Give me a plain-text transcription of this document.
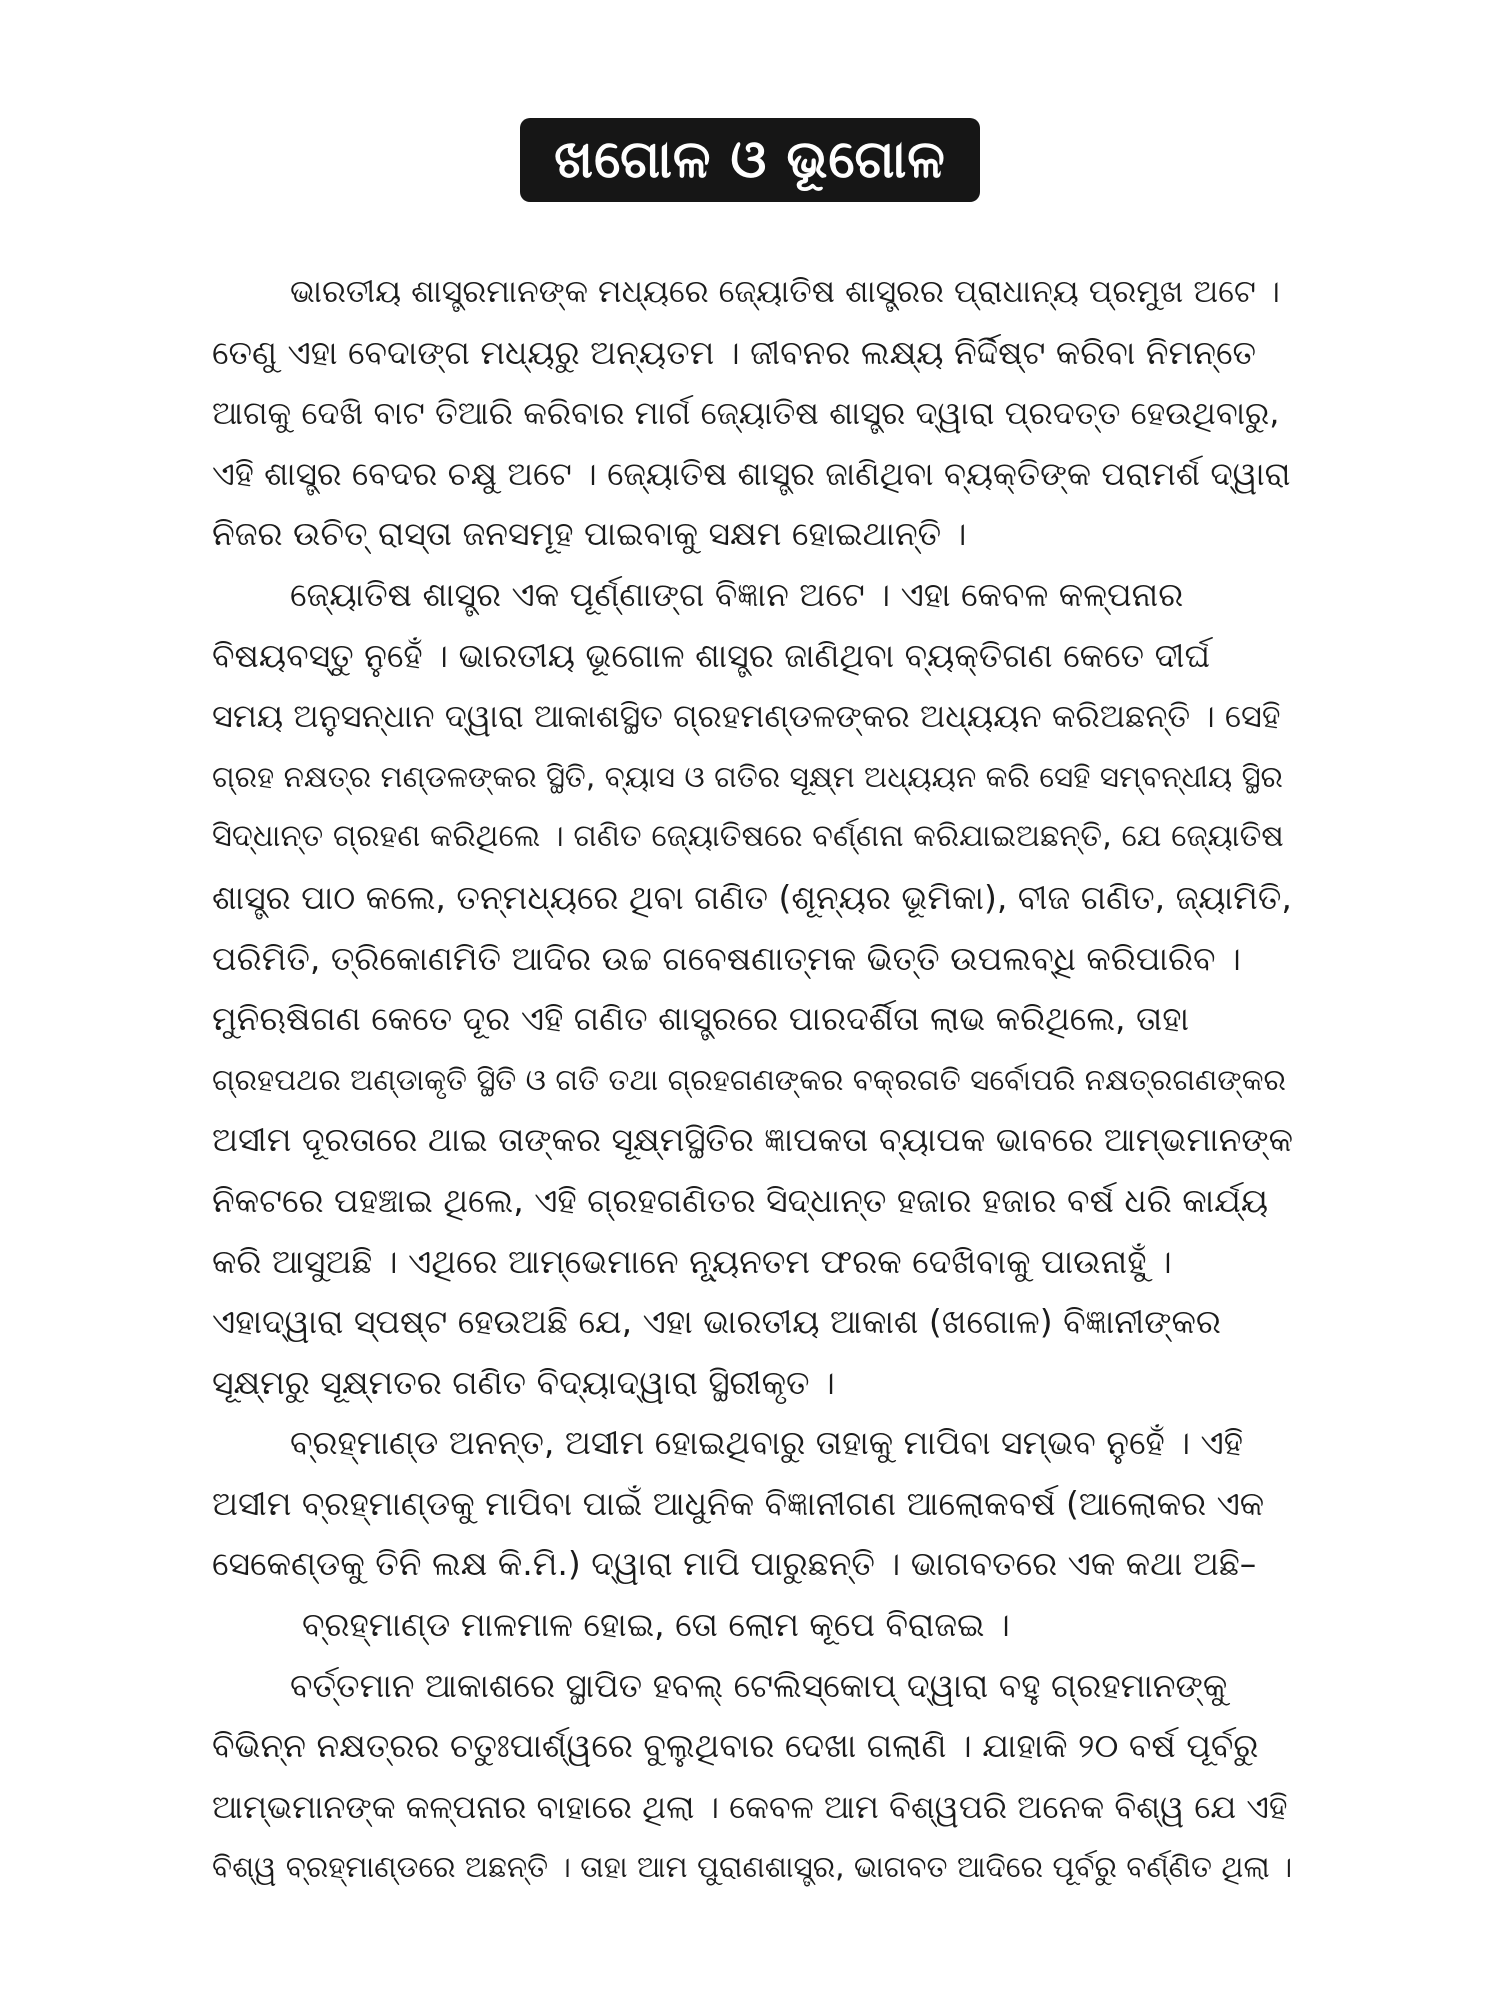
ଖଗୋଳ ଓ ଭୂଗୋଳ
ଭାରତୀୟ ଶାସ୍ତ୍ରମାନଙ୍କ ମଧ୍ୟରେ ଜ୍ୟୋତିଷ ଶାସ୍ତ୍ରର ପ୍ରାଧାନ୍ୟ ପ୍ରମୁଖ ଅଟେ ।
ତେଣୁ ଏହା ବେଦାଙ୍ଗ ମଧ୍ୟରୁ ଅନ୍ୟତମ । ଜୀବନର ଲକ୍ଷ୍ୟ ନିର୍ଦ୍ଦିଷ୍ଟ କରିବା ନିମନ୍ତେ
ଆଗକୁ ଦେଖି ବାଟ ତିଆରି କରିବାର ମାର୍ଗ ଜ୍ୟୋତିଷ ଶାସ୍ତ୍ର ଦ୍ୱାରା ପ୍ରଦତ୍ତ ହେଉଥିବାରୁ,
ଏହି ଶାସ୍ତ୍ର ବେଦର ଚକ୍ଷୁ ଅଟେ । ଜ୍ୟୋତିଷ ଶାସ୍ତ୍ର ଜାଣିଥିବା ବ୍ୟକ୍ତିଙ୍କ ପରାମର୍ଶ ଦ୍ୱାରା
ନିଜର ଉଚିତ୍ ରାସ୍ତା ଜନସମୂହ ପାଇବାକୁ ସକ୍ଷମ ହୋଇଥାନ୍ତି ।
ଜ୍ୟୋତିଷ ଶାସ୍ତ୍ର ଏକ ପୂର୍ଣ୍ଣାଙ୍ଗ ବିଜ୍ଞାନ ଅଟେ । ଏହା କେବଳ କଳ୍ପନାର
ବିଷୟବସ୍ତୁ ନୁହେଁ । ଭାରତୀୟ ଭୂଗୋଳ ଶାସ୍ତ୍ର ଜାଣିଥିବା ବ୍ୟକ୍ତିଗଣ କେତେ ଦୀର୍ଘ
ସମୟ ଅନୁସନ୍ଧାନ ଦ୍ୱାରା ଆକାଶସ୍ଥିତ ଗ୍ରହମଣ୍ଡଳଙ୍କର ଅଧ୍ୟୟନ କରିଅଛନ୍ତି । ସେହି
ଗ୍ରହ ନକ୍ଷତ୍ର ମଣ୍ଡଳଙ୍କର ସ୍ଥିତି, ବ୍ୟାସ ଓ ଗତିର ସୂକ୍ଷ୍ମ ଅଧ୍ୟୟନ କରି ସେହି ସମ୍ବନ୍ଧୀୟ ସ୍ଥିର
ସିଦ୍ଧାନ୍ତ ଗ୍ରହଣ କରିଥିଲେ । ଗଣିତ ଜ୍ୟୋତିଷରେ ବର୍ଣ୍ଣନା କରିଯାଇଅଛନ୍ତି, ଯେ ଜ୍ୟୋତିଷ
ଶାସ୍ତ୍ର ପାଠ କଲେ, ତନ୍ମଧ୍ୟରେ ଥିବା ଗଣିତ (ଶୂନ୍ୟର ଭୂମିକା), ବୀଜ ଗଣିତ, ଜ୍ୟାମିତି,
ପରିମିତି, ତ୍ରିକୋଣମିତି ଆଦିର ଉଚ୍ଚ ଗବେଷଣାତ୍ମକ ଭିତ୍ତି ଉପଲବ୍ଧି କରିପାରିବ ।
ମୁନିଋଷିଗଣ କେତେ ଦୂର ଏହି ଗଣିତ ଶାସ୍ତ୍ରରେ ପାରଦର୍ଶିତା ଲାଭ କରିଥିଲେ, ତାହା
ଗ୍ରହପଥର ଅଣ୍ଡାକୃତି ସ୍ଥିତି ଓ ଗତି ତଥା ଗ୍ରହଗଣଙ୍କର ବକ୍ରଗତି ସର୍ବୋପରି ନକ୍ଷତ୍ରଗଣଙ୍କର
ଅସୀମ ଦୂରତାରେ ଥାଇ ତାଙ୍କର ସୂକ୍ଷ୍ମସ୍ଥିତିର ଜ୍ଞାପକତା ବ୍ୟାପକ ଭାବରେ ଆମ୍ଭମାନଙ୍କ
ନିକଟରେ ପହଞ୍ଚାଇ ଥିଲେ, ଏହି ଗ୍ରହଗଣିତର ସିଦ୍ଧାନ୍ତ ହଜାର ହଜାର ବର୍ଷ ଧରି କାର୍ଯ୍ୟ
କରି ଆସୁଅଛି । ଏଥିରେ ଆମ୍ଭେମାନେ ନ୍ୟୂନତମ ଫରକ ଦେଖିବାକୁ ପାଉନାହୁଁ ।
ଏହାଦ୍ୱାରା ସ୍ପଷ୍ଟ ହେଉଅଛି ଯେ, ଏହା ଭାରତୀୟ ଆକାଶ (ଖଗୋଳ) ବିଜ୍ଞାନୀଙ୍କର
ସୂକ୍ଷ୍ମରୁ ସୂକ୍ଷ୍ମତର ଗଣିତ ବିଦ୍ୟାଦ୍ୱାରା ସ୍ଥିରୀକୃତ ।
ବ୍ରହ୍ମାଣ୍ଡ ଅନନ୍ତ, ଅସୀମ ହୋଇଥିବାରୁ ତାହାକୁ ମାପିବା ସମ୍ଭବ ନୁହେଁ । ଏହି
ଅସୀମ ବ୍ରହ୍ମାଣ୍ଡକୁ ମାପିବା ପାଇଁ ଆଧୁନିକ ବିଜ୍ଞାନୀଗଣ ଆଲୋକବର୍ଷ (ଆଲୋକର ଏକ
ସେକେଣ୍ଡକୁ ତିନି ଲକ୍ଷ କି.ମି.) ଦ୍ୱାରା ମାପି ପାରୁଛନ୍ତି । ଭାଗବତରେ ଏକ କଥା ଅଛି–
ବ୍ରହ୍ମାଣ୍ଡ ମାଳମାଳ ହୋଇ, ତୋ ଲୋମ କୂପେ ବିରାଜଇ ।
ବର୍ତ୍ତମାନ ଆକାଶରେ ସ୍ଥାପିତ ହବଲ୍ ଟେଲିସ୍କୋପ୍ ଦ୍ୱାରା ବହୁ ଗ୍ରହମାନଙ୍କୁ
ବିଭିନ୍ନ ନକ୍ଷତ୍ରର ଚତୁଃପାର୍ଶ୍ୱରେ ବୁଲୁଥିବାର ଦେଖା ଗଲାଣି । ଯାହାକି ୨୦ ବର୍ଷ ପୂର୍ବରୁ
ଆମ୍ଭମାନଙ୍କ କଳ୍ପନାର ବାହାରେ ଥିଲା । କେବଳ ଆମ ବିଶ୍ୱପରି ଅନେକ ବିଶ୍ୱ ଯେ ଏହି
ବିଶ୍ୱ ବ୍ରହ୍ମାଣ୍ଡରେ ଅଛନ୍ତି । ତାହା ଆମ ପୁରାଣଶାସ୍ତ୍ର, ଭାଗବତ ଆଦିରେ ପୂର୍ବରୁ ବର୍ଣ୍ଣିତ ଥିଲା ।
